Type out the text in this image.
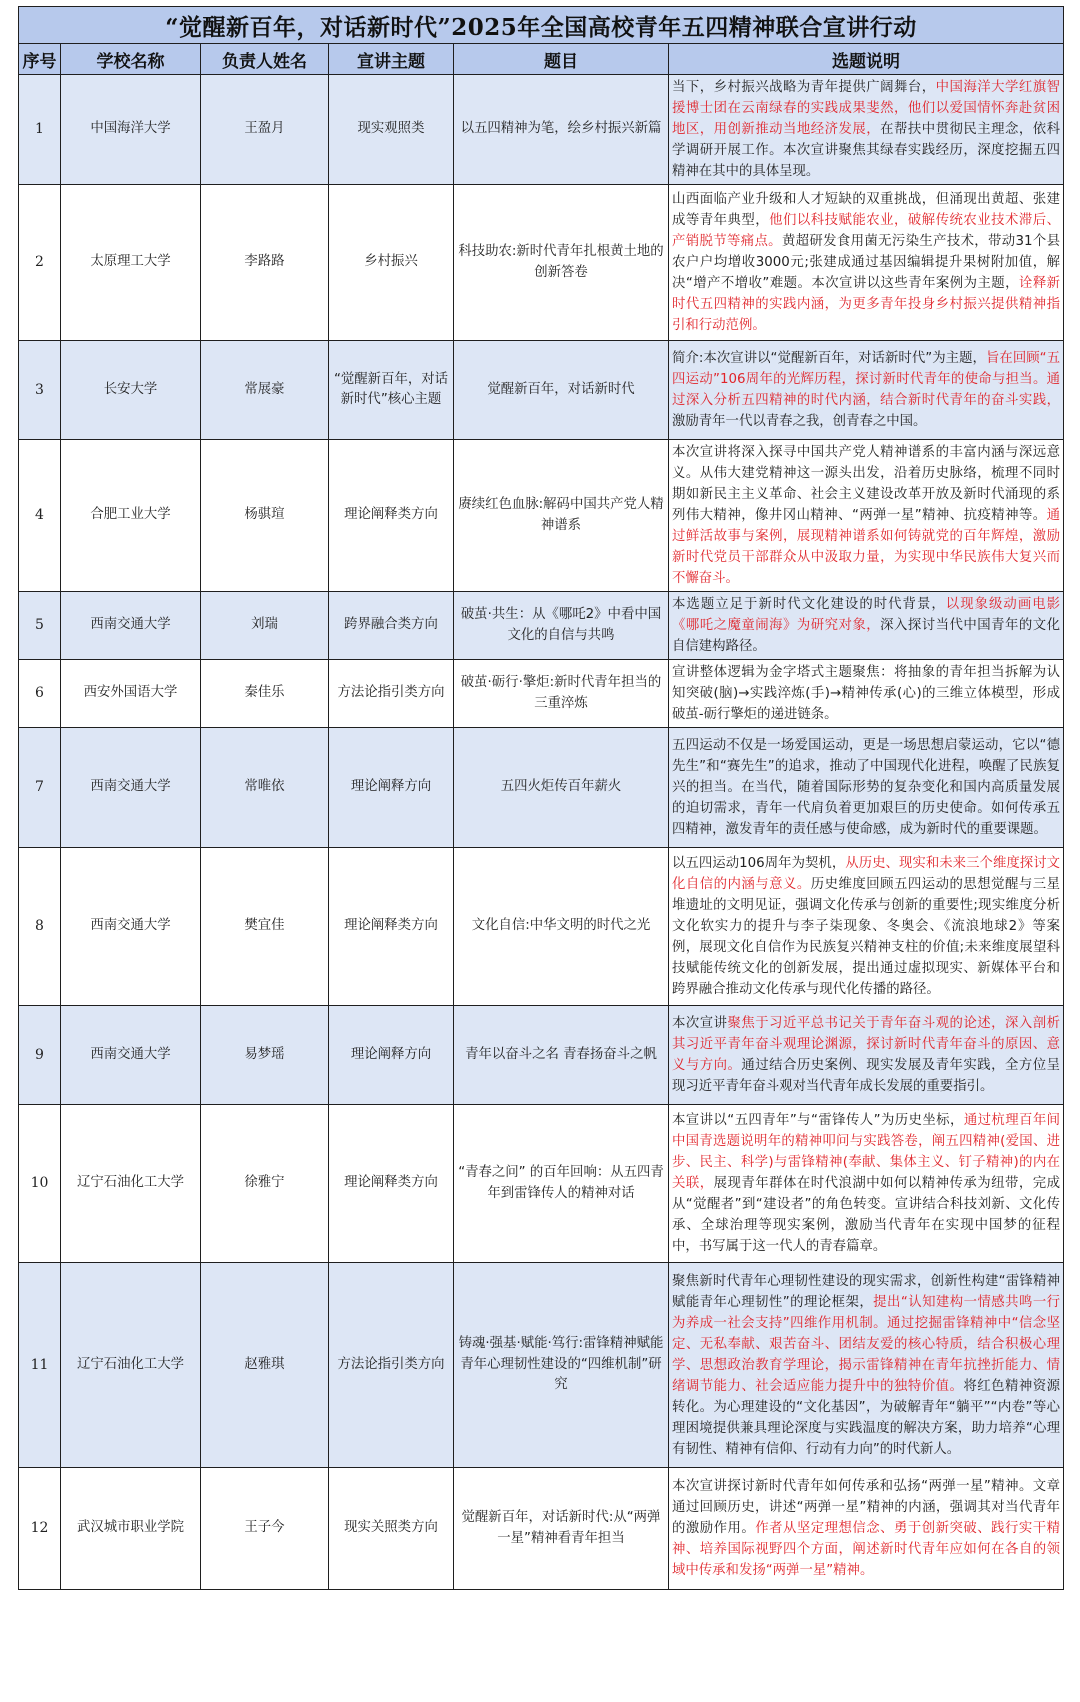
“觉醒新百年，对话新时代”2025年全国高校青年五四精神联合宣讲行动					
序号	学校名称	负责人姓名	宣讲主题	题目	选题说明
1	中国海洋大学	王盈月	现实观照类	以五四精神为笔，绘乡村振兴新篇	当下，乡村振兴战略为青年提供广阔舞台，中国海洋大学红旗智援博士团在云南绿春的实践成果斐然，他们以爱国情怀奔赴贫困地区，用创新推动当地经济发展，在帮扶中贯彻民主理念，依科学调研开展工作。本次宣讲聚焦其绿春实践经历，深度挖掘五四精神在其中的具体呈现。
2	太原理工大学	李路路	乡村振兴	科技助农:新时代青年扎根黄土地的创新答卷	山西面临产业升级和人才短缺的双重挑战，但涌现出黄超、张建成等青年典型，他们以科技赋能农业，破解传统农业技术滞后、产销脱节等痛点。黄超研发食用菌无污染生产技术，带动31个县农户户均增收3000元;张建成通过基因编辑提升果树附加值，解决“增产不增收”难题。本次宣讲以这些青年案例为主题，诠释新时代五四精神的实践内涵，为更多青年投身乡村振兴提供精神指引和行动范例。
3	长安大学	常展豪	“觉醒新百年，对话新时代”核心主题	觉醒新百年，对话新时代	简介:本次宣讲以“觉醒新百年，对话新时代”为主题，旨在回顾“五四运动”106周年的光辉历程，探讨新时代青年的使命与担当。通过深入分析五四精神的时代内涵，结合新时代青年的奋斗实践，激励青年一代以青春之我，创青春之中国。
4	合肥工业大学	杨骐瑄	理论阐释类方向	赓续红色血脉:解码中国共产党人精神谱系	本次宣讲将深入探寻中国共产党人精神谱系的丰富内涵与深远意义。从伟大建党精神这一源头出发，沿着历史脉络，梳理不同时期如新民主主义革命、社会主义建设改革开放及新时代涌现的系列伟大精神，像井冈山精神、“两弹一星”精神、抗疫精神等。通过鲜活故事与案例，展现精神谱系如何铸就党的百年辉煌，激励新时代党员干部群众从中汲取力量，为实现中华民族伟大复兴而不懈奋斗。
5	西南交通大学	刘瑞	跨界融合类方向	破茧·共生：从《哪吒2》中看中国文化的自信与共鸣	本选题立足于新时代文化建设的时代背景，以现象级动画电影《哪吒之魔童闹海》为研究对象，深入探讨当代中国青年的文化自信建构路径。
6	西安外国语大学	秦佳乐	方法论指引类方向	破茧·砺行·擎炬:新时代青年担当的三重淬炼	宣讲整体逻辑为金字塔式主题聚焦：将抽象的青年担当拆解为认知突破(脑)→实践淬炼(手)→精神传承(心)的三维立体模型，形成破茧-砺行擎炬的递进链条。
7	西南交通大学	常唯依	理论阐释方向	五四火炬传百年薪火	五四运动不仅是一场爱国运动，更是一场思想启蒙运动，它以“德先生”和“赛先生”的追求，推动了中国现代化进程，唤醒了民族复兴的担当。在当代，随着国际形势的复杂变化和国内高质量发展的迫切需求，青年一代肩负着更加艰巨的历史使命。如何传承五四精神，激发青年的责任感与使命感，成为新时代的重要课题。
8	西南交通大学	樊宜佳	理论阐释类方向	文化自信:中华文明的时代之光	以五四运动106周年为契机，从历史、现实和未来三个维度探讨文化自信的内涵与意义。历史维度回顾五四运动的思想觉醒与三星堆遗址的文明见证，强调文化传承与创新的重要性;现实维度分析文化软实力的提升与李子柒现象、冬奥会、《流浪地球2》等案例，展现文化自信作为民族复兴精神支柱的价值;未来维度展望科技赋能传统文化的创新发展，提出通过虚拟现实、新媒体平台和跨界融合推动文化传承与现代化传播的路径。
9	西南交通大学	易梦瑶	理论阐释方向	青年以奋斗之名 青春扬奋斗之帆	本次宣讲聚焦于习近平总书记关于青年奋斗观的论述，深入剖析其习近平青年奋斗观理论渊源，探讨新时代青年奋斗的原因、意义与方向。通过结合历史案例、现实发展及青年实践，全方位呈现习近平青年奋斗观对当代青年成长发展的重要指引。
10	辽宁石油化工大学	徐雅宁	理论阐释类方向	“青春之问” 的百年回响：从五四青年到雷锋传人的精神对话	本宣讲以“五四青年”与“雷锋传人”为历史坐标，通过杭理百年间中国青选题说明年的精神叩问与实践答卷，阐五四精神(爱国、进步、民主、科学)与雷锋精神(奉献、集体主义、钉子精神)的内在关联，展现青年群体在时代浪湖中如何以精神传承为纽带，完成从“觉醒者”到“建设者”的角色转变。宣讲结合科技刘新、文化传承、全球治理等现实案例，激励当代青年在实现中国梦的征程中，书写属于这一代人的青春篇章。
11	辽宁石油化工大学	赵雅琪	方法论指引类方向	铸魂·强基·赋能·笃行:雷锋精神赋能青年心理韧性建设的“四维机制”研究	聚焦新时代青年心理韧性建设的现实需求，创新性构建“雷锋精神赋能青年心理韧性”的理论框架，提出“认知建构一情感共鸣一行为养成一社会支持”四维作用机制。通过挖掘雷锋精神中“信念坚定、无私奉献、艰苦奋斗、团结友爱的核心特质，结合积极心理学、思想政治教育学理论，揭示雷锋精神在青年抗挫折能力、情绪调节能力、社会适应能力提升中的独特价值。将红色精神资源转化。为心理建设的“文化基因”，为破解青年“躺平”“内卷”等心理困境提供兼具理论深度与实践温度的解决方案，助力培养“心理有韧性、精神有信仰、行动有力向”的时代新人。
12	武汉城市职业学院	王子今	现实关照类方向	觉醒新百年，对话新时代:从“两弹一星”精神看青年担当	本次宣讲探讨新时代青年如何传承和弘扬“两弹一星”精神。文章通过回顾历史，讲述“两弹一星”精神的内涵，强调其对当代青年的激励作用。作者从坚定理想信念、勇于创新突破、践行实干精神、培养国际视野四个方面，阐述新时代青年应如何在各自的领域中传承和发扬“两弹一星”精神。
